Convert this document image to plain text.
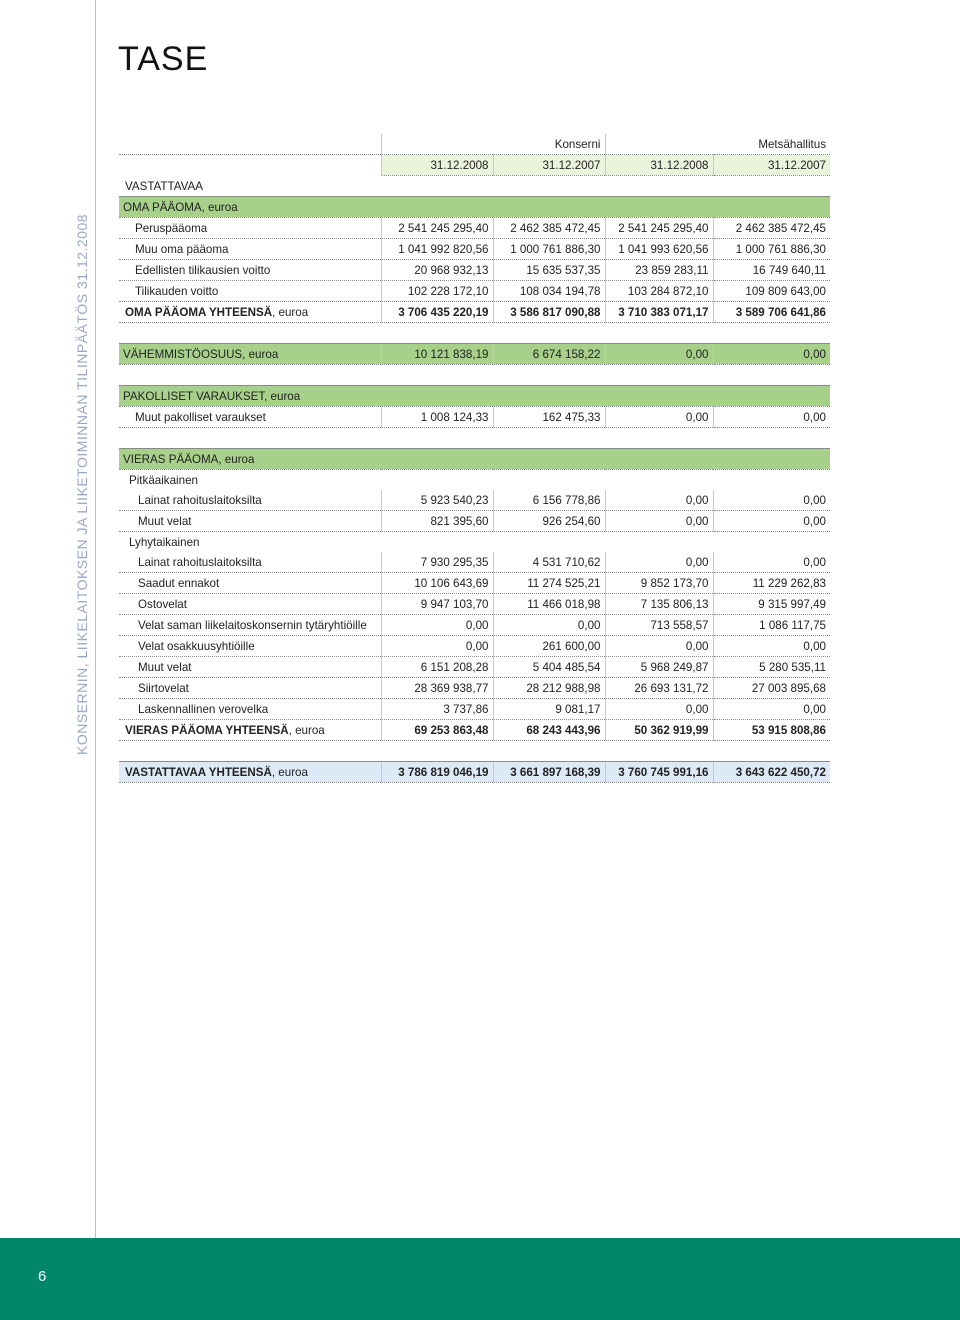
TASE
KONSERNIN, LIIKELAITOKSEN JA LIIKETOIMINNAN TILINPÄÄTÖS 31.12.2008
		Konserni		Metsähallitus
	31.12.2008	31.12.2007	31.12.2008	31.12.2007
VASTATTAVAA				
OMA PÄÄOMA, euroa				
Peruspääoma	2 541 245 295,40	2 462 385 472,45	2 541 245 295,40	2 462 385 472,45
Muu oma pääoma	1 041 992 820,56	1 000 761 886,30	1 041 993 620,56	1 000 761 886,30
Edellisten tilikausien voitto	20 968 932,13	15 635 537,35	23 859 283,11	16 749 640,11
Tilikauden voitto	102 228 172,10	108 034 194,78	103 284 872,10	109 809 643,00
OMA PÄÄOMA YHTEENSÄ, euroa	3 706 435 220,19	3 586 817 090,88	3 710 383 071,17	3 589 706 641,86

VÄHEMMISTÖOSUUS, euroa	10 121 838,19	6 674 158,22	0,00	0,00

PAKOLLISET VARAUKSET, euroa				
Muut pakolliset varaukset	1 008 124,33	162 475,33	0,00	0,00

VIERAS PÄÄOMA, euroa				
Pitkäaikainen				
Lainat rahoituslaitoksilta	5 923 540,23	6 156 778,86	0,00	0,00
Muut velat	821 395,60	926 254,60	0,00	0,00
Lyhytaikainen				
Lainat rahoituslaitoksilta	7 930 295,35	4 531 710,62	0,00	0,00
Saadut ennakot	10 106 643,69	11 274 525,21	9 852 173,70	11 229 262,83
Ostovelat	9 947 103,70	11 466 018,98	7 135 806,13	9 315 997,49
Velat saman liikelaitoskonsernin tytäryhtiöille	0,00	0,00	713 558,57	1 086 117,75
Velat osakkuusyhtiöille	0,00	261 600,00	0,00	0,00
Muut velat	6 151 208,28	5 404 485,54	5 968 249,87	5 280 535,11
Siirtovelat	28 369 938,77	28 212 988,98	26 693 131,72	27 003 895,68
Laskennallinen verovelka	3 737,86	9 081,17	0,00	0,00
VIERAS PÄÄOMA YHTEENSÄ, euroa	69 253 863,48	68 243 443,96	50 362 919,99	53 915 808,86

VASTATTAVAA YHTEENSÄ, euroa	3 786 819 046,19	3 661 897 168,39	3 760 745 991,16	3 643 622 450,72
6
